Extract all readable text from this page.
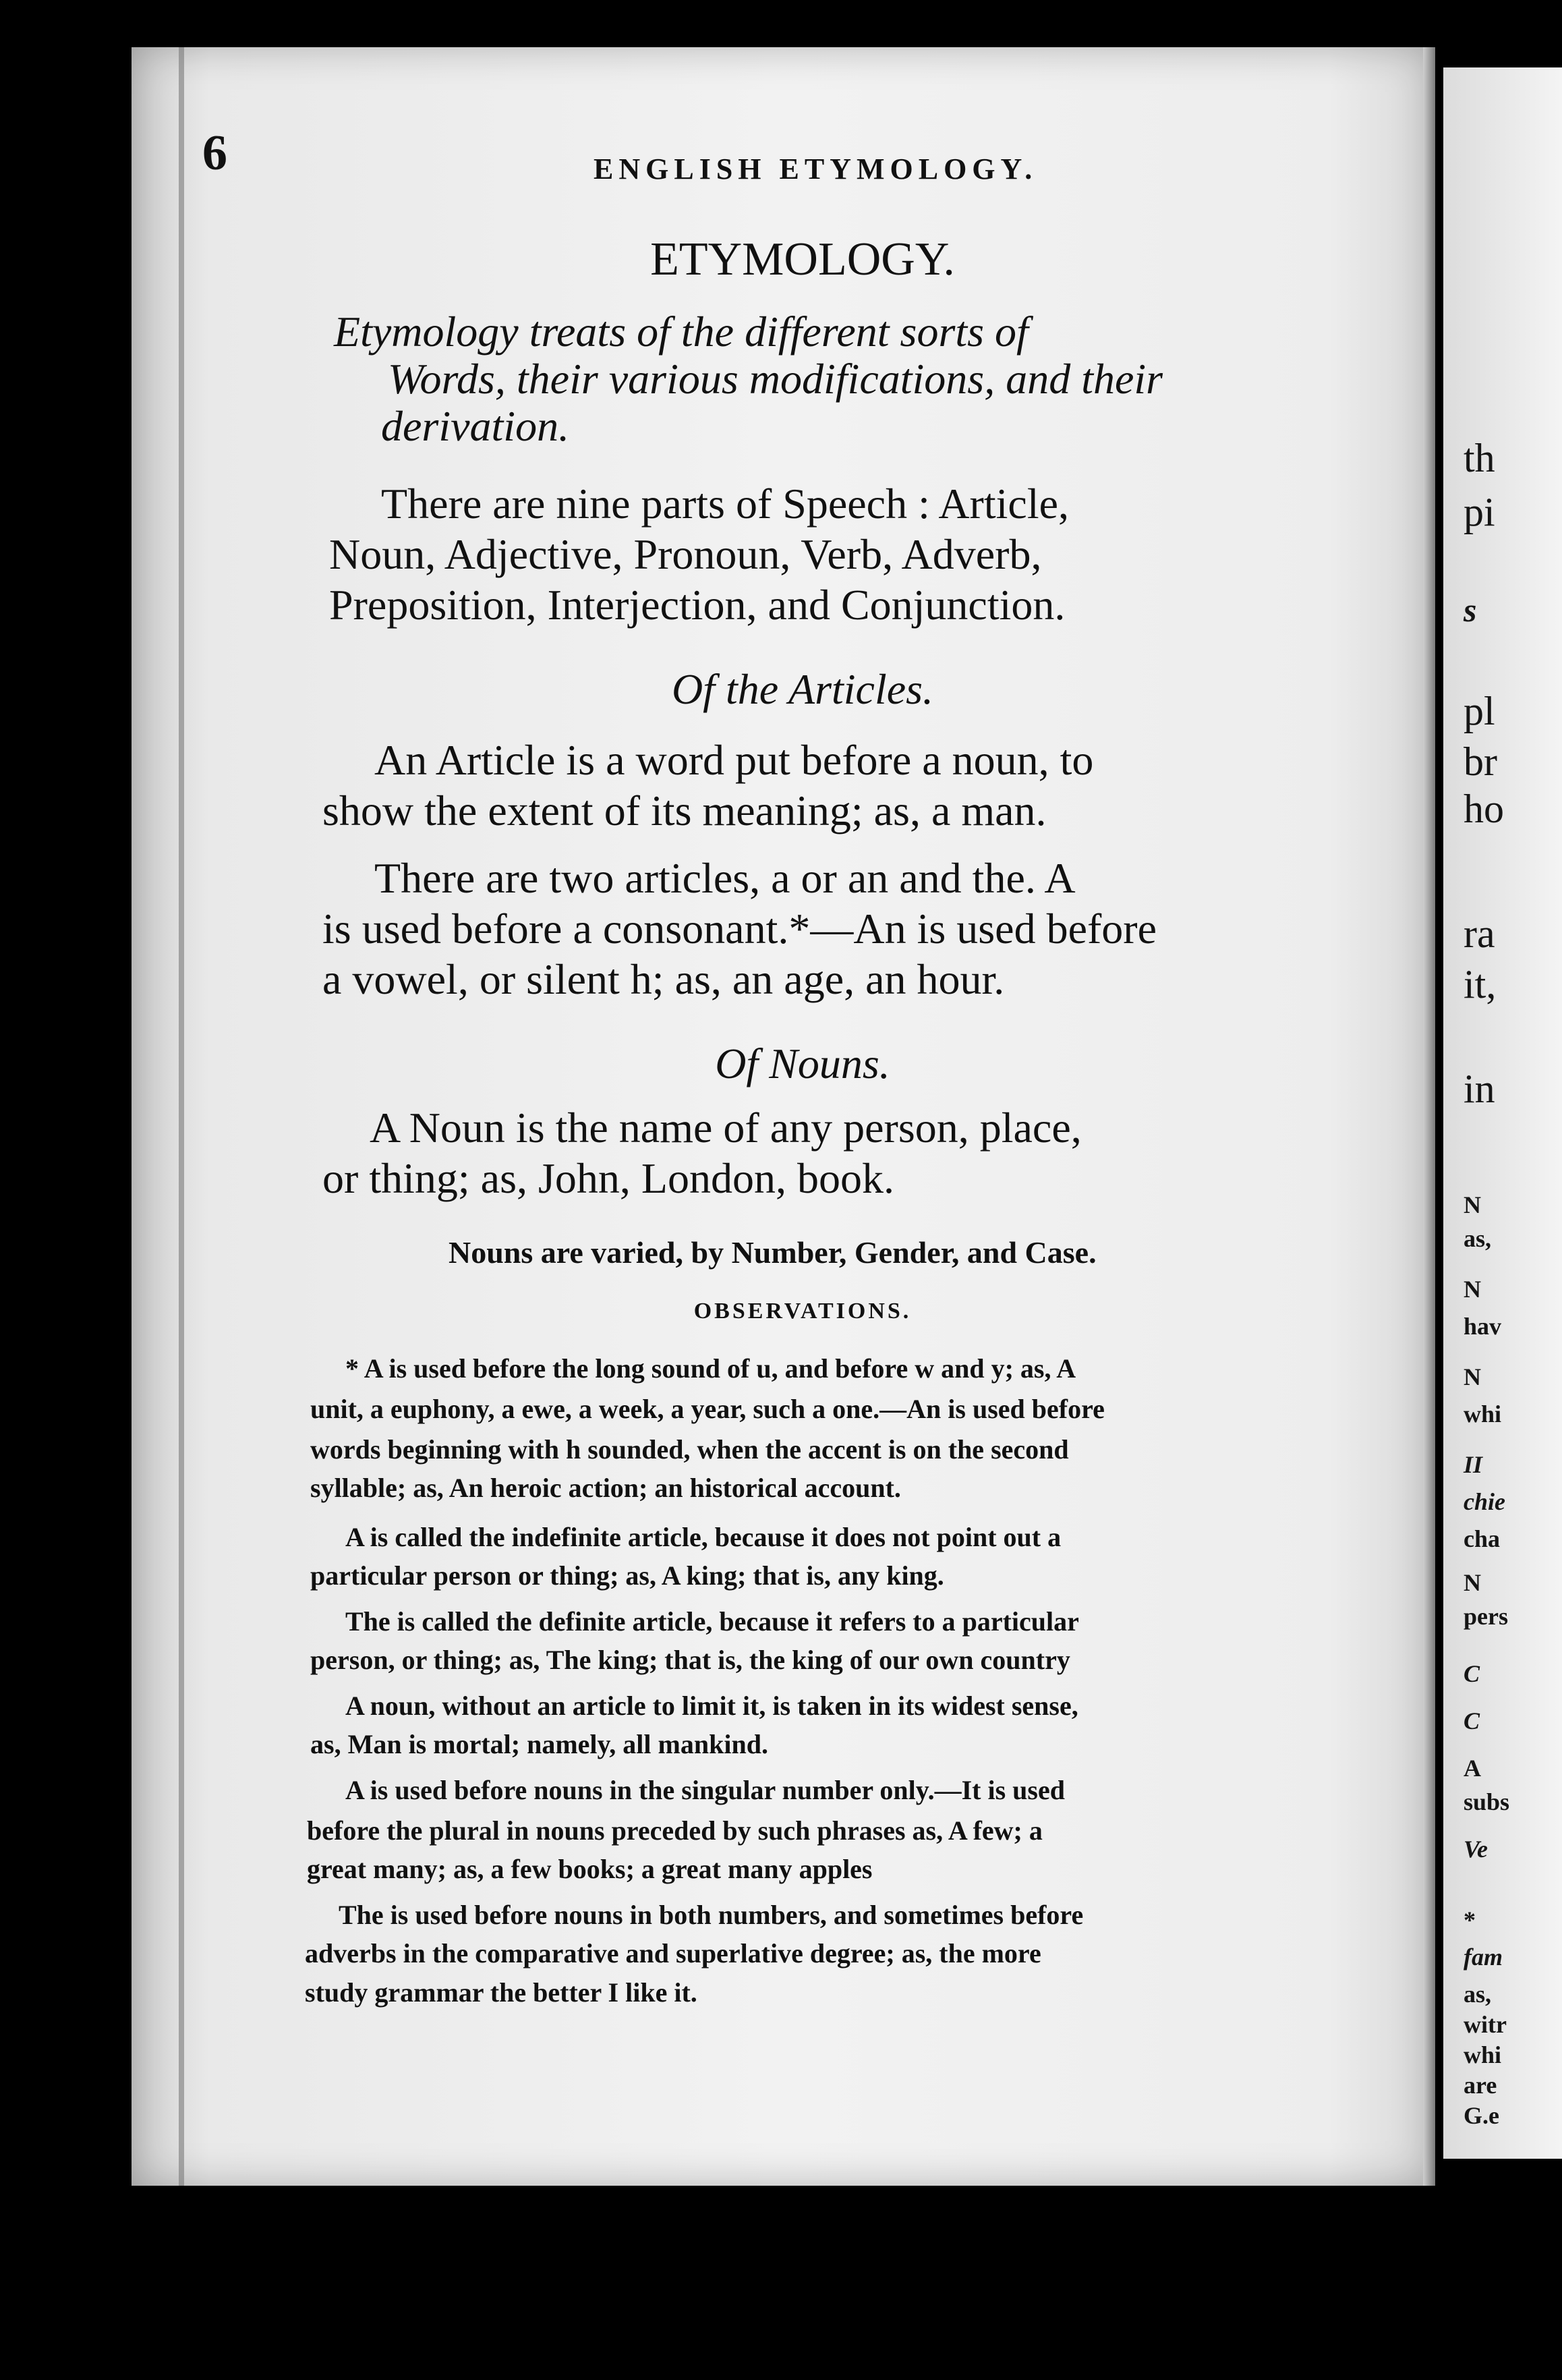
6	ENGLISH ETYMOLOGY.
ETYMOLOGY.
Etymology treats of the different sorts of
Words, their various modifications, and their
derivation.
There are nine parts of Speech : Article,
Noun, Adjective, Pronoun, Verb, Adverb,
Preposition, Interjection, and Conjunction.
Of the Articles.
An Article is a word put before a noun, to
show the extent of its meaning; as, a man.
There are two articles, a or an and the. A
is used before a consonant.*—An is used before
a vowel, or silent h; as, an age, an hour.
Of Nouns.
A Noun is the name of any person, place,
or thing; as, John, London, book.
Nouns are varied, by Number, Gender, and Case.
OBSERVATIONS.
* A is used before the long sound of u, and before w and y; as, A
unit, a euphony, a ewe, a week, a year, such a one.—An is used before
words beginning with h sounded, when the accent is on the second
syllable; as, An heroic action; an historical account.
A is called the indefinite article, because it does not point out a
particular person or thing; as, A king; that is, any king.
The is called the definite article, because it refers to a particular
person, or thing; as, The king; that is, the king of our own country
A noun, without an article to limit it, is taken in its widest sense,
as, Man is mortal; namely, all mankind.
A is used before nouns in the singular number only.—It is used
before the plural in nouns preceded by such phrases as, A few; a
great many; as, a few books; a great many apples
The is used before nouns in both numbers, and sometimes before
adverbs in the comparative and superlative degree; as, the more
study grammar the better I like it.
th
pi
s
pl
br
ho
ra
it,
in
N
as,
N
hav
N
whi
II
chie
cha
N
pers
C
C
A
subs
Ve
*
fam
as,
witr
whi
are
G.e
